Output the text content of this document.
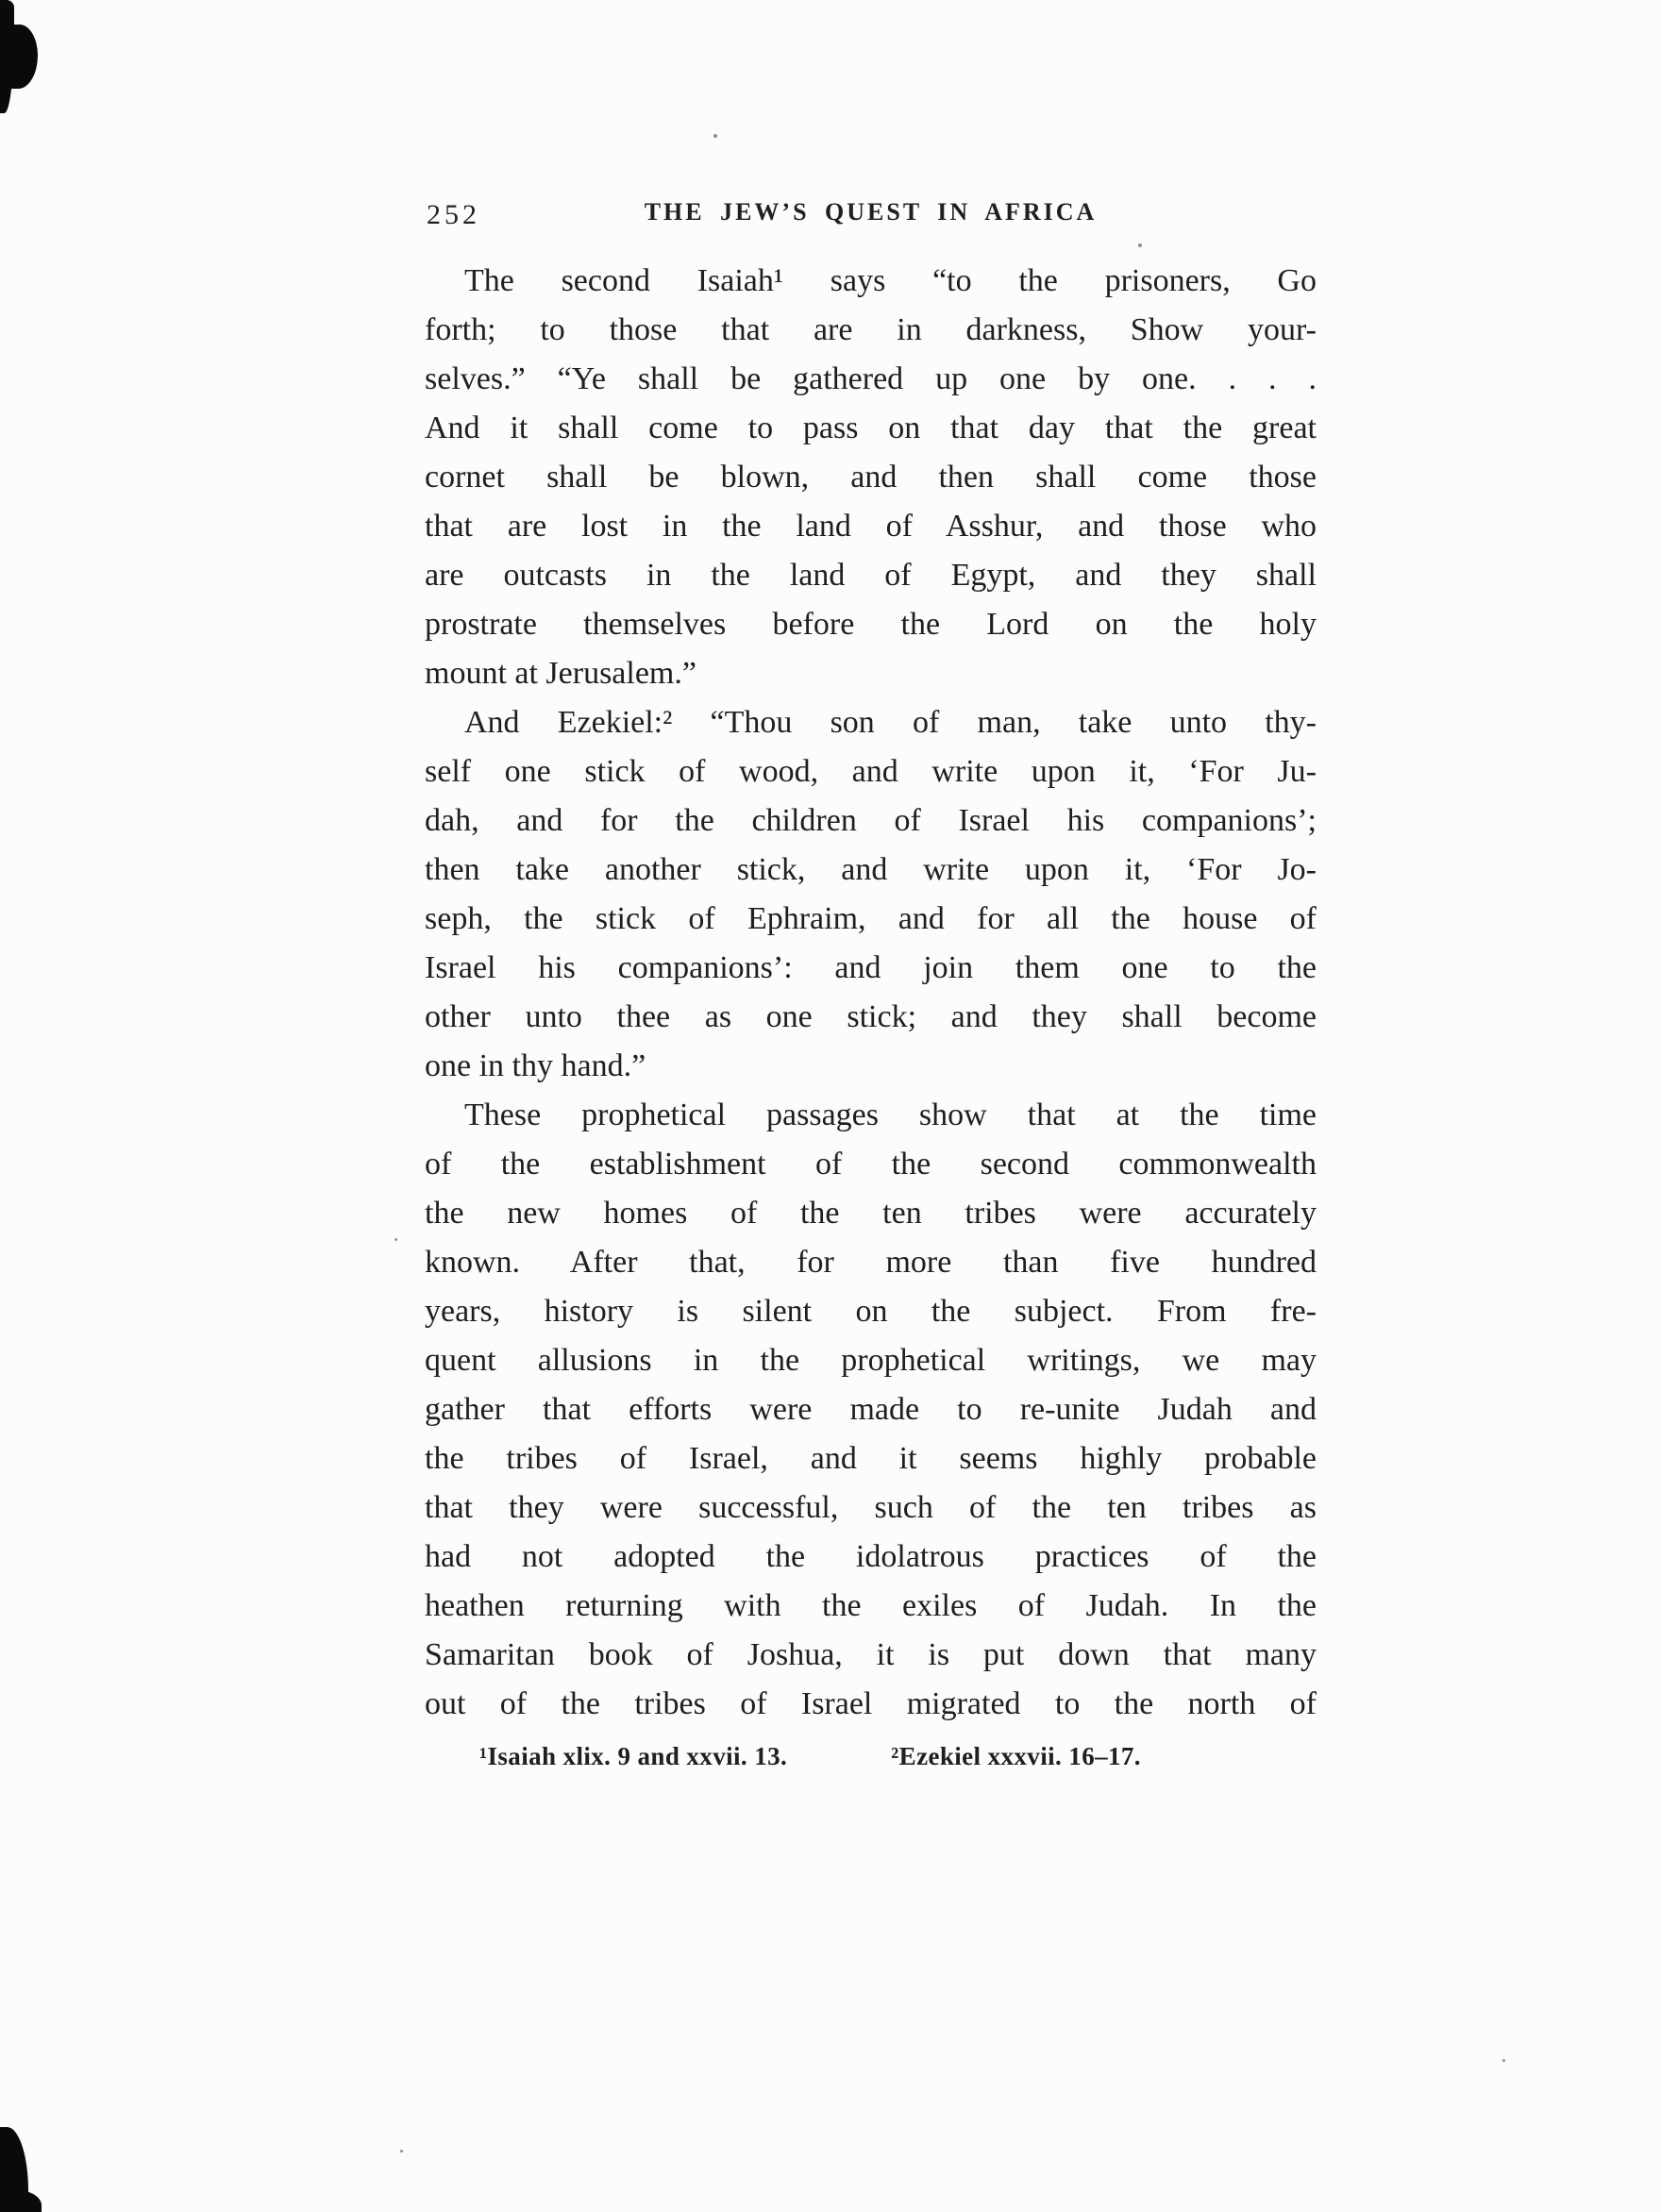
252	THE JEW’S QUEST IN AFRICA
The second Isaiah¹ says “to the prisoners, Go
forth; to those that are in darkness, Show your-
selves.” “Ye shall be gathered up one by one. . . .
And it shall come to pass on that day that the great
cornet shall be blown, and then shall come those
that are lost in the land of Asshur, and those who
are outcasts in the land of Egypt, and they shall
prostrate themselves before the Lord on the holy
mount at Jerusalem.”
And Ezekiel:² “Thou son of man, take unto thy-
self one stick of wood, and write upon it, ‘For Ju-
dah, and for the children of Israel his companions’;
then take another stick, and write upon it, ‘For Jo-
seph, the stick of Ephraim, and for all the house of
Israel his companions’: and join them one to the
other unto thee as one stick; and they shall become
one in thy hand.”
These prophetical passages show that at the time
of the establishment of the second commonwealth
the new homes of the ten tribes were accurately
known. After that, for more than five hundred
years, history is silent on the subject. From fre-
quent allusions in the prophetical writings, we may
gather that efforts were made to re-unite Judah and
the tribes of Israel, and it seems highly probable
that they were successful, such of the ten tribes as
had not adopted the idolatrous practices of the
heathen returning with the exiles of Judah. In the
Samaritan book of Joshua, it is put down that many
out of the tribes of Israel migrated to the north of
¹Isaiah xlix. 9 and xxvii. 13.	²Ezekiel xxxvii. 16–17.
